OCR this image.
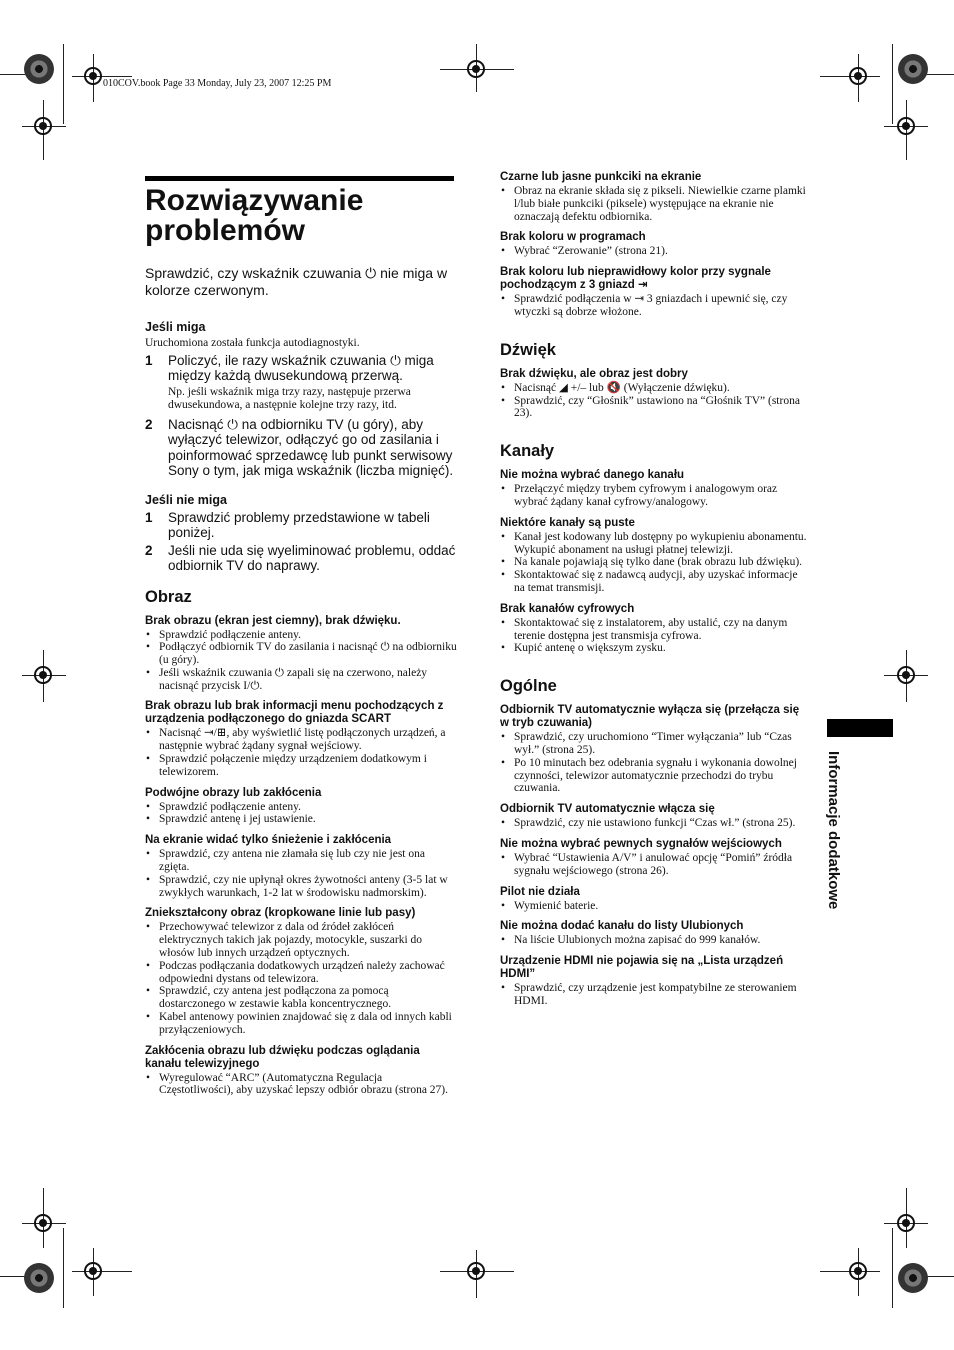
010COV.book Page 33 Monday, July 23, 2007 12:25 PM
Rozwiązywanie
problemów
Sprawdzić, czy wskaźnik czuwania ⏻ nie miga w kolorze czerwonym.
Jeśli miga
Uruchomiona została funkcja autodiagnostyki.
1	Policzyć, ile razy wskaźnik czuwania ⏻ miga między każdą dwusekundową przerwą.
Np. jeśli wskaźnik miga trzy razy, następuje przerwa dwusekundowa, a następnie kolejne trzy razy, itd.
2	Nacisnąć ⏻ na odbiorniku TV (u góry), aby wyłączyć telewizor, odłączyć go od zasilania i poinformować sprzedawcę lub punkt serwisowy Sony o tym, jak miga wskaźnik (liczba mignięć).
Jeśli nie miga
1	Sprawdzić problemy przedstawione w tabeli poniżej.
2	Jeśli nie uda się wyeliminować problemu, oddać odbiornik TV do naprawy.
Obraz
Brak obrazu (ekran jest ciemny), brak dźwięku.
• Sprawdzić podłączenie anteny.
• Podłączyć odbiornik TV do zasilania i nacisnąć ⏻ na odbiorniku (u góry).
• Jeśli wskaźnik czuwania ⏻ zapali się na czerwono, należy nacisnąć przycisk I/⏻.
Brak obrazu lub brak informacji menu pochodzących z urządzenia podłączonego do gniazda SCART
• Nacisnąć ⇥/⊞, aby wyświetlić listę podłączonych urządzeń, a następnie wybrać żądany sygnał wejściowy.
• Sprawdzić połączenie między urządzeniem dodatkowym i telewizorem.
Podwójne obrazy lub zakłócenia
• Sprawdzić podłączenie anteny.
• Sprawdzić antenę i jej ustawienie.
Na ekranie widać tylko śnieżenie i zakłócenia
• Sprawdzić, czy antena nie złamała się lub czy nie jest ona zgięta.
• Sprawdzić, czy nie upłynął okres żywotności anteny (3-5 lat w zwykłych warunkach, 1-2 lat w środowisku nadmorskim).
Zniekształcony obraz (kropkowane linie lub pasy)
• Przechowywać telewizor z dala od źródeł zakłóceń elektrycznych takich jak pojazdy, motocykle, suszarki do włosów lub innych urządzeń optycznych.
• Podczas podłączania dodatkowych urządzeń należy zachować odpowiedni dystans od telewizora.
• Sprawdzić, czy antena jest podłączona za pomocą dostarczonego w zestawie kabla koncentrycznego.
• Kabel antenowy powinien znajdować się z dala od innych kabli przyłączeniowych.
Zakłócenia obrazu lub dźwięku podczas oglądania kanału telewizyjnego
• Wyregulować “ARC” (Automatyczna Regulacja Częstotliwości), aby uzyskać lepszy odbiór obrazu (strona 27).
Czarne lub jasne punkciki na ekranie
• Obraz na ekranie składa się z pikseli. Niewielkie czarne plamki l/lub białe punkciki (piksele) występujące na ekranie nie oznaczają defektu odbiornika.
Brak koloru w programach
• Wybrać “Zerowanie” (strona 21).
Brak koloru lub nieprawidłowy kolor przy sygnale pochodzącym z 3 gniazd ⇥
• Sprawdzić podłączenia w ⇥ 3 gniazdach i upewnić się, czy wtyczki są dobrze włożone.
Dźwięk
Brak dźwięku, ale obraz jest dobry
• Nacisnąć ◢ +/– lub 🔇 (Wyłączenie dźwięku).
• Sprawdzić, czy “Głośnik” ustawiono na “Głośnik TV” (strona 23).
Kanały
Nie można wybrać danego kanału
• Przełączyć między trybem cyfrowym i analogowym oraz wybrać żądany kanał cyfrowy/analogowy.
Niektóre kanały są puste
• Kanał jest kodowany lub dostępny po wykupieniu abonamentu. Wykupić abonament na usługi płatnej telewizji.
• Na kanale pojawiają się tylko dane (brak obrazu lub dźwięku).
• Skontaktować się z nadawcą audycji, aby uzyskać informacje na temat transmisji.
Brak kanałów cyfrowych
• Skontaktować się z instalatorem, aby ustalić, czy na danym terenie dostępna jest transmisja cyfrowa.
• Kupić antenę o większym zysku.
Ogólne
Odbiornik TV automatycznie wyłącza się (przełącza się w tryb czuwania)
• Sprawdzić, czy uruchomiono “Timer wyłączania” lub “Czas wył.” (strona 25).
• Po 10 minutach bez odebrania sygnału i wykonania dowolnej czynności, telewizor automatycznie przechodzi do trybu czuwania.
Odbiornik TV automatycznie włącza się
• Sprawdzić, czy nie ustawiono funkcji “Czas wł.” (strona 25).
Nie można wybrać pewnych sygnałów wejściowych
• Wybrać “Ustawienia A/V” i anulować opcję “Pomiń” źródła sygnału wejściowego (strona 26).
Pilot nie działa
• Wymienić baterie.
Nie można dodać kanału do listy Ulubionych
• Na liście Ulubionych można zapisać do 999 kanałów.
Urządzenie HDMI nie pojawia się na „Lista urządzeń HDMI”
• Sprawdzić, czy urządzenie jest kompatybilne ze sterowaniem HDMI.
Informacje dodatkowe
